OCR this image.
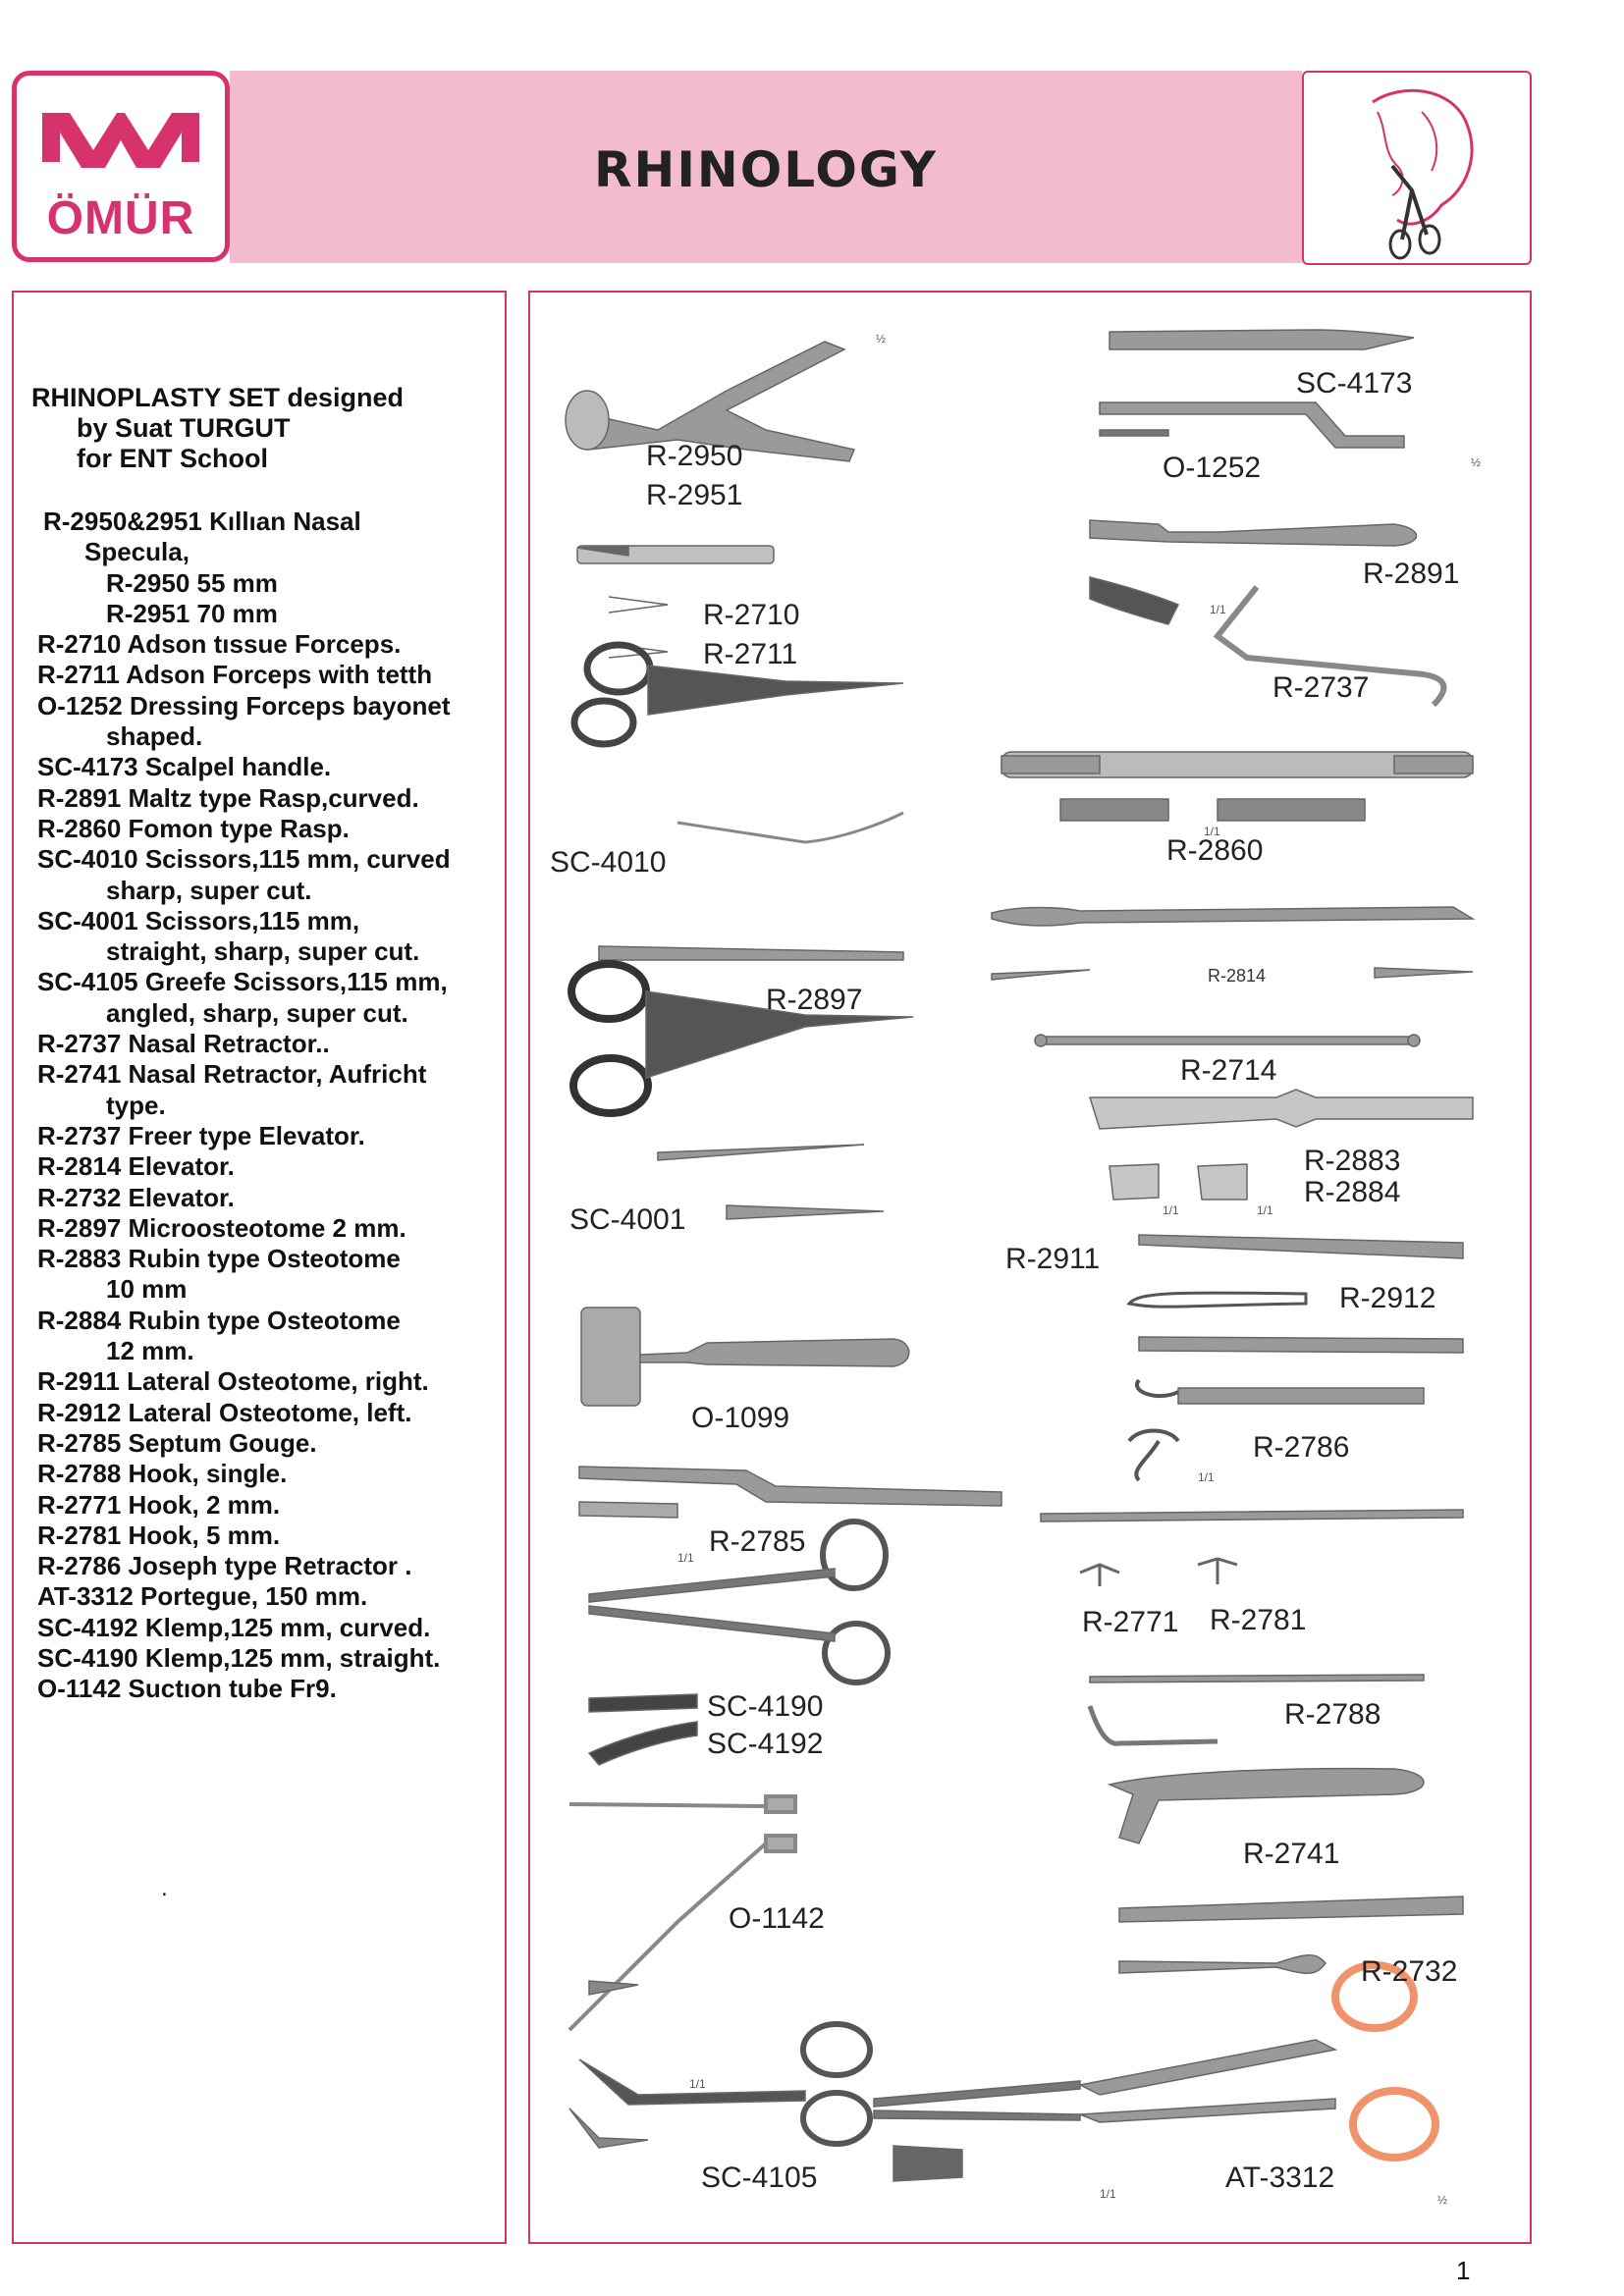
ÖMÜR
RHINOLOGY
RHINOPLASTY SET designed
by Suat TURGUT
for ENT School
R-2950&2951 Kıllıan Nasal
Specula,
R-2950 55 mm
R-2951 70 mm
R-2710 Adson tıssue Forceps.
R-2711 Adson Forceps with tetth
O-1252 Dressing Forceps bayonet
shaped.
SC-4173 Scalpel handle.
R-2891 Maltz type Rasp,curved.
R-2860 Fomon type Rasp.
SC-4010 Scissors,115 mm, curved
sharp, super cut.
SC-4001 Scissors,115 mm,
straight, sharp, super cut.
SC-4105 Greefe Scissors,115 mm,
angled, sharp, super cut.
R-2737 Nasal Retractor..
R-2741 Nasal Retractor, Aufricht
type.
R-2737 Freer type Elevator.
R-2814 Elevator.
R-2732 Elevator.
R-2897 Microosteotome 2 mm.
R-2883 Rubin type Osteotome
10 mm
R-2884 Rubin type Osteotome
12 mm.
R-2911 Lateral Osteotome, right.
R-2912 Lateral Osteotome, left.
R-2785 Septum Gouge.
R-2788 Hook, single.
R-2771 Hook, 2 mm.
R-2781 Hook, 5 mm.
R-2786 Joseph type Retractor .
AT-3312 Portegue, 150 mm.
SC-4192 Klemp,125 mm, curved.
SC-4190 Klemp,125 mm, straight.
O-1142 Suctıon tube Fr9.
.
R-2950
R-2951
SC-4173
O-1252
R-2891
R-2710
R-2711
R-2737
SC-4010	R-2860
R-2897
R-2814
R-2714
R-2883
R-2884
SC-4001
R-2911
R-2912
O-1099
R-2786
R-2785
R-2771 R-2781
SC-4190
SC-4192
R-2788
R-2741
O-1142
R-2732
SC-4105	AT-3312
½
½
1/1
1/1
1/1	1/1
1/1
1/1
1/1
1/1	½
1
